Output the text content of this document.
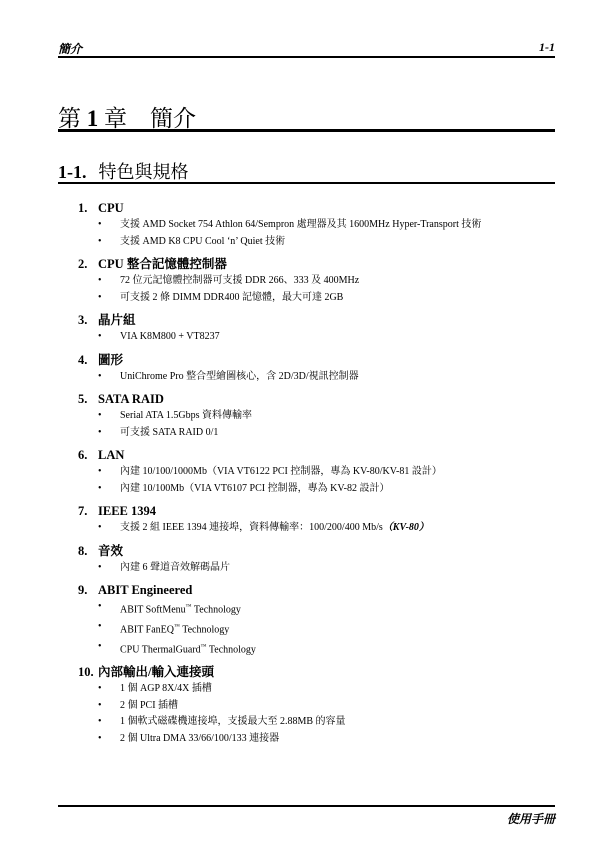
簡介	1-1
第 1 章 簡介
1-1. 特色與規格
1. CPU
• 支援 AMD Socket 754 Athlon 64/Sempron 處理器及其 1600MHz Hyper-Transport 技術
• 支援 AMD K8 CPU Cool ‘n’ Quiet 技術
2. CPU 整合記憶體控制器
• 72 位元記憶體控制器可支援 DDR 266、333 及 400MHz
• 可支援 2 條 DIMM DDR400 記憶體，最大可達 2GB
3. 晶片組
• VIA K8M800 + VT8237
4. 圖形
• UniChrome Pro 整合型繪圖核心，含 2D/3D/視訊控制器
5. SATA RAID
• Serial ATA 1.5Gbps 資料傳輸率
• 可支援 SATA RAID 0/1
6. LAN
• 內建 10/100/1000Mb（VIA VT6122 PCI 控制器，專為 KV-80/KV-81 設計）
• 內建 10/100Mb（VIA VT6107 PCI 控制器，專為 KV-82 設計）
7. IEEE 1394
• 支援 2 組 IEEE 1394 連接埠，資料傳輸率：100/200/400 Mb/s（KV-80）
8. 音效
• 內建 6 聲道音效解碼晶片
9. ABIT Engineered
• ABIT SoftMenu™ Technology
• ABIT FanEQ™ Technology
• CPU ThermalGuard™ Technology
10. 內部輸出/輸入連接頭
• 1 個 AGP 8X/4X 插槽
• 2 個 PCI 插槽
• 1 個軟式磁碟機連接埠，支援最大至 2.88MB 的容量
• 2 個 Ultra DMA 33/66/100/133 連接器
使用手冊
